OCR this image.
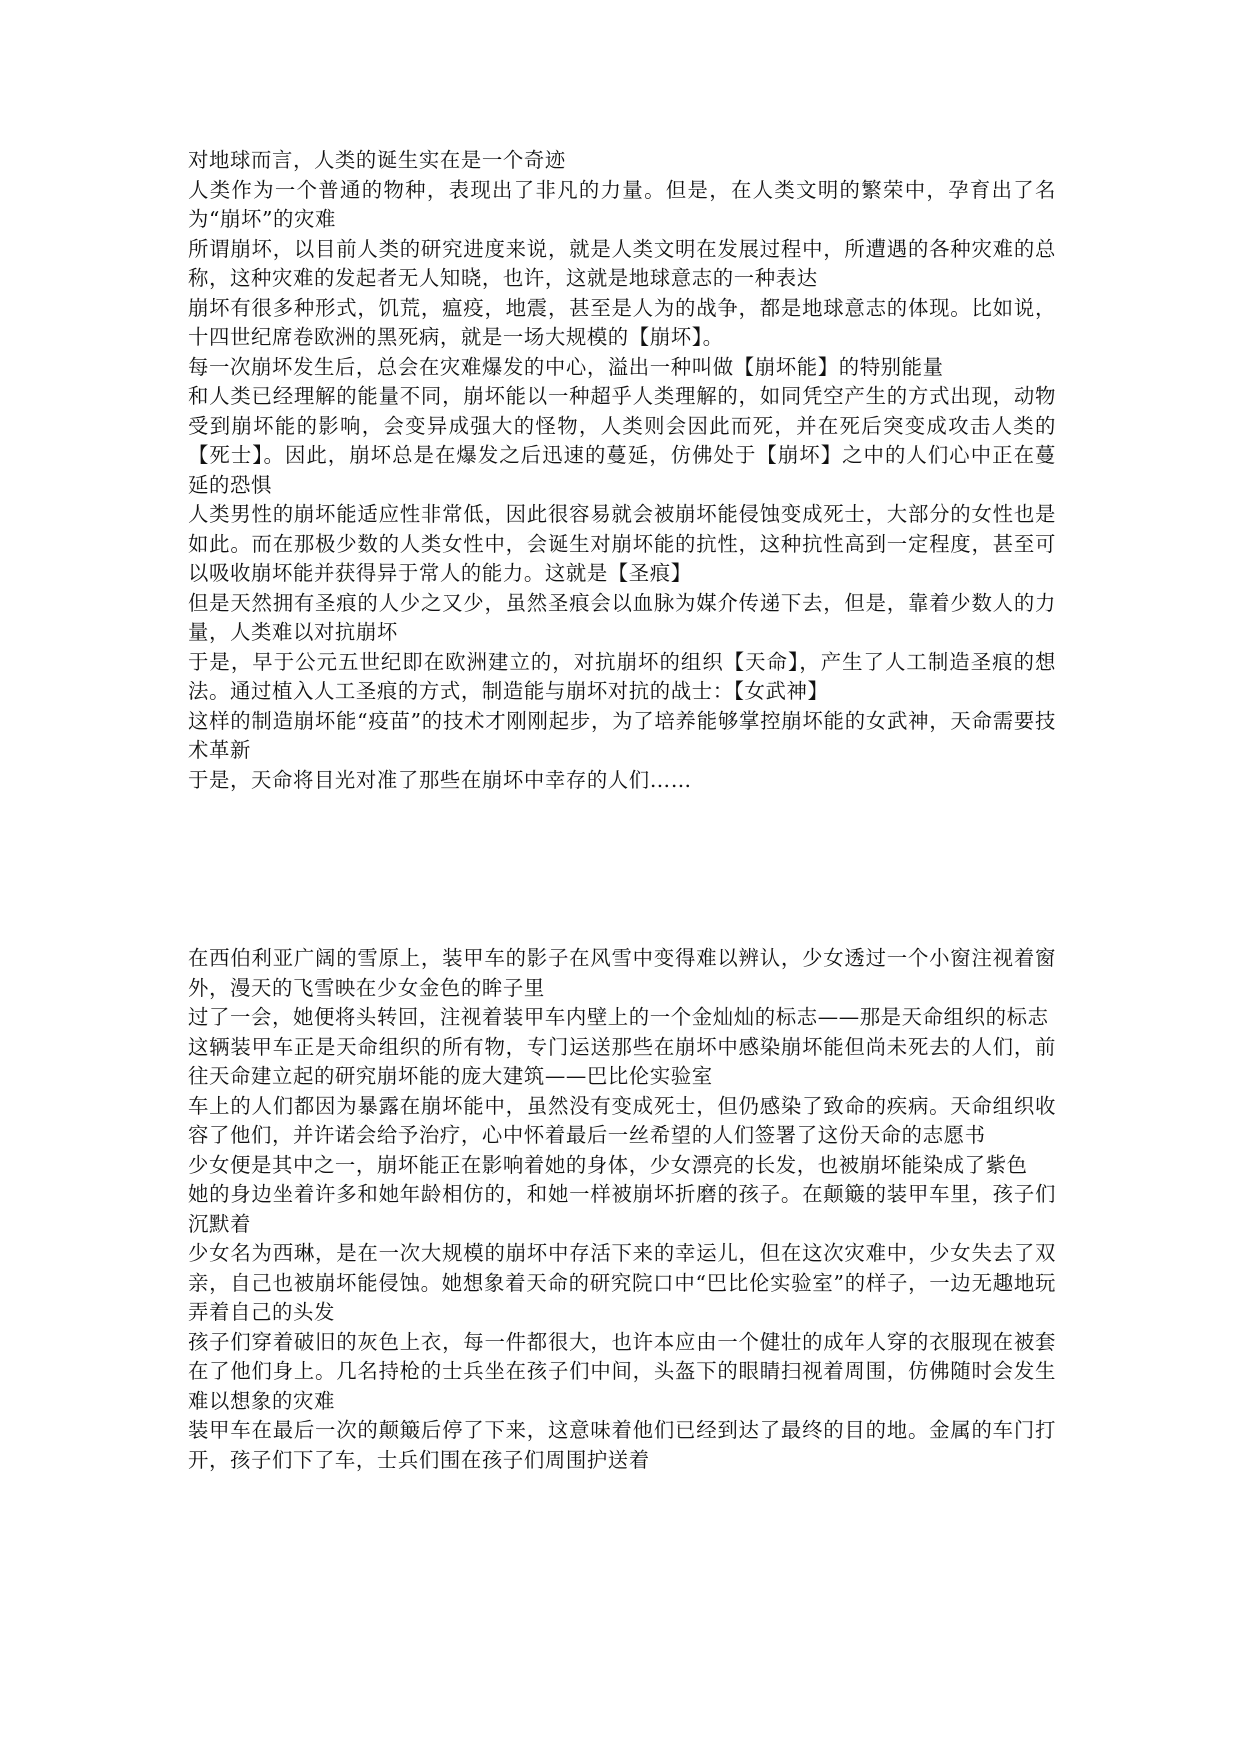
对地球而言，人类的诞生实在是一个奇迹

人类作为一个普通的物种，表现出了非凡的力量。但是，在人类文明的繁荣中，孕育出了名为“崩坏”的灾难

所谓崩坏，以目前人类的研究进度来说，就是人类文明在发展过程中，所遭遇的各种灾难的总称，这种灾难的发起者无人知晓，也许，这就是地球意志的一种表达

崩坏有很多种形式，饥荒，瘟疫，地震，甚至是人为的战争，都是地球意志的体现。比如说，十四世纪席卷欧洲的黑死病，就是一场大规模的【崩坏】。

每一次崩坏发生后，总会在灾难爆发的中心，溢出一种叫做【崩坏能】的特别能量

和人类已经理解的能量不同，崩坏能以一种超乎人类理解的，如同凭空产生的方式出现，动物受到崩坏能的影响，会变异成强大的怪物，人类则会因此而死，并在死后突变成攻击人类的【死士】。因此，崩坏总是在爆发之后迅速的蔓延，仿佛处于【崩坏】之中的人们心中正在蔓延的恐惧

人类男性的崩坏能适应性非常低，因此很容易就会被崩坏能侵蚀变成死士，大部分的女性也是如此。而在那极少数的人类女性中，会诞生对崩坏能的抗性，这种抗性高到一定程度，甚至可以吸收崩坏能并获得异于常人的能力。这就是【圣痕】

但是天然拥有圣痕的人少之又少，虽然圣痕会以血脉为媒介传递下去，但是，靠着少数人的力量，人类难以对抗崩坏

于是，早于公元五世纪即在欧洲建立的，对抗崩坏的组织【天命】，产生了人工制造圣痕的想法。通过植入人工圣痕的方式，制造能与崩坏对抗的战士：【女武神】

这样的制造崩坏能“疫苗”的技术才刚刚起步，为了培养能够掌控崩坏能的女武神，天命需要技术革新

于是，天命将目光对准了那些在崩坏中幸存的人们……

在西伯利亚广阔的雪原上，装甲车的影子在风雪中变得难以辨认，少女透过一个小窗注视着窗外，漫天的飞雪映在少女金色的眸子里

过了一会，她便将头转回，注视着装甲车内壁上的一个金灿灿的标志——那是天命组织的标志

这辆装甲车正是天命组织的所有物，专门运送那些在崩坏中感染崩坏能但尚未死去的人们，前往天命建立起的研究崩坏能的庞大建筑——巴比伦实验室

车上的人们都因为暴露在崩坏能中，虽然没有变成死士，但仍感染了致命的疾病。天命组织收容了他们，并许诺会给予治疗，心中怀着最后一丝希望的人们签署了这份天命的志愿书

少女便是其中之一，崩坏能正在影响着她的身体，少女漂亮的长发，也被崩坏能染成了紫色

她的身边坐着许多和她年龄相仿的，和她一样被崩坏折磨的孩子。在颠簸的装甲车里，孩子们沉默着

少女名为西琳，是在一次大规模的崩坏中存活下来的幸运儿，但在这次灾难中，少女失去了双亲，自己也被崩坏能侵蚀。她想象着天命的研究院口中“巴比伦实验室”的样子，一边无趣地玩弄着自己的头发

孩子们穿着破旧的灰色上衣，每一件都很大，也许本应由一个健壮的成年人穿的衣服现在被套在了他们身上。几名持枪的士兵坐在孩子们中间，头盔下的眼睛扫视着周围，仿佛随时会发生难以想象的灾难

装甲车在最后一次的颠簸后停了下来，这意味着他们已经到达了最终的目的地。金属的车门打开，孩子们下了车，士兵们围在孩子们周围护送着
